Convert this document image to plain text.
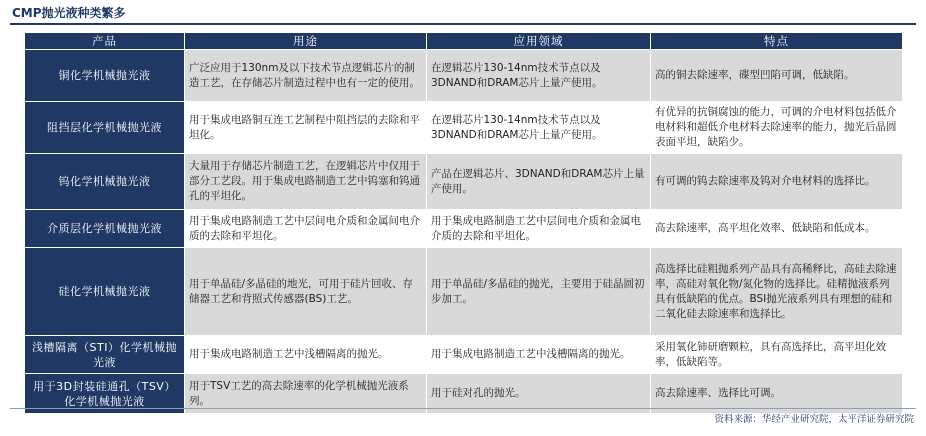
CMP抛光液种类繁多
产品	用途	应用领域	特点
铜化学机械抛光液	广泛应用于130nm及以下技术节点逻辑芯片的制造工艺，在存储芯片制造过程中也有一定的使用。	在逻辑芯片130-14nm技术节点以及3DNAND和DRAM芯片上量产使用。	高的铜去除速率，碟型凹陷可调，低缺陷。
阻挡层化学机械抛光液	用于集成电路铜互连工艺制程中阻挡层的去除和平坦化。	在逻辑芯片130-14nm技术节点以及3DNAND和DRAM芯片上量产使用。	有优异的抗铜腐蚀的能力，可调的介电材料包括低介电材料和超低介电材料去除速率的能力，抛光后晶圆表面平坦，缺陷少。
钨化学机械抛光液	大量用于存储芯片制造工艺，在逻辑芯片中仅用于部分工艺段。用于集成电路制造工艺中钨塞和钨通孔的平坦化。	产品在逻辑芯片、3DNAND和DRAM芯片上量产使用。	有可调的钨去除速率及钨对介电材料的选择比。
介质层化学机械抛光液	用于集成电路制造工艺中层间电介质和金属间电介质的去除和平坦化。	用于集成电路制造工艺中层间电介质和金属电介质的去除和平坦化。	高去除速率，高平坦化效率、低缺陷和低成本。
硅化学机械抛光液	用于单晶硅/多晶硅的地光，可用于硅片回收、存储器工艺和背照式传感器(BS)工艺。	用于单晶硅/多晶硅的抛光，主要用于硅晶圆初步加工。	高选择比硅粗抛系列产品具有高稀释比，高硅去除速率，高硅对氧化物/氮化物的选择比。硅精抛液系列具有低缺陷的优点。BSI抛光液系列具有理想的硅和二氧化硅去除速率和选择比。
浅槽隔离（STI）化学机械抛光液	用于集成电路制造工艺中浅槽隔离的抛光。	用于集成电路制造工艺中浅槽隔离的抛光。	采用氧化铈研磨颗粒，具有高选择比，高平坦化效率，低缺陷等。
用于3D封装硅通孔（TSV）化学机械抛光液	用于TSV工艺的高去除速率的化学机械抛光液系列。	用于硅对孔的抛光。	高去除速率、选择比可调。
资料来源：华经产业研究院，太平洋证券研究院
